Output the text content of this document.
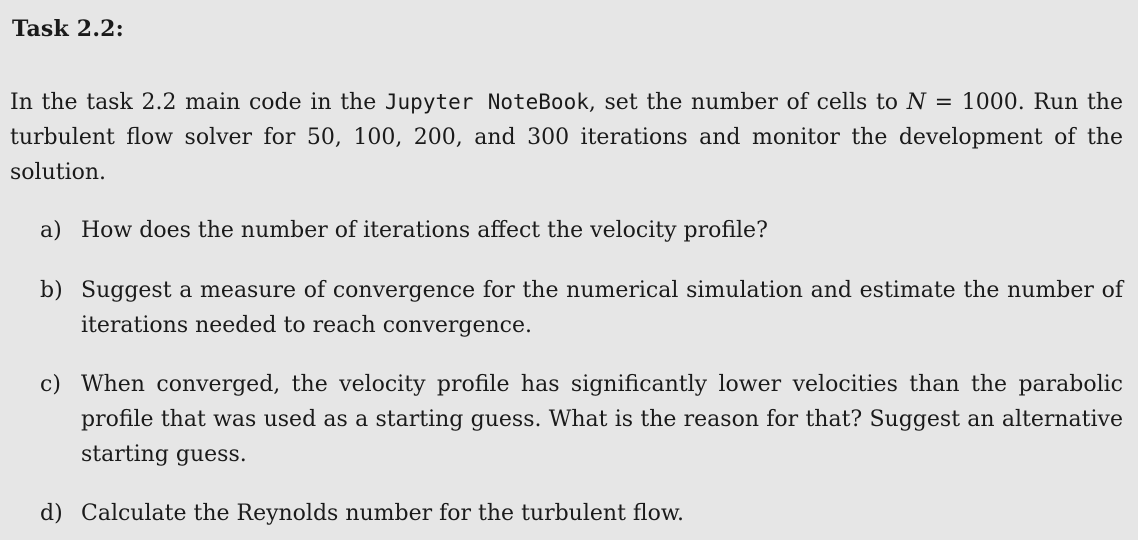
Task 2.2:
In the task 2.2 main code in the Jupyter NoteBook, set the number of cells to N = 1000. Run the turbulent flow solver for 50, 100, 200, and 300 iterations and monitor the development of the solution.
a) How does the number of iterations affect the velocity profile?
b) Suggest a measure of convergence for the numerical simulation and estimate the number of iterations needed to reach convergence.
c) When converged, the velocity profile has significantly lower velocities than the parabolic profile that was used as a starting guess. What is the reason for that? Suggest an alternative starting guess.
d) Calculate the Reynolds number for the turbulent flow.
